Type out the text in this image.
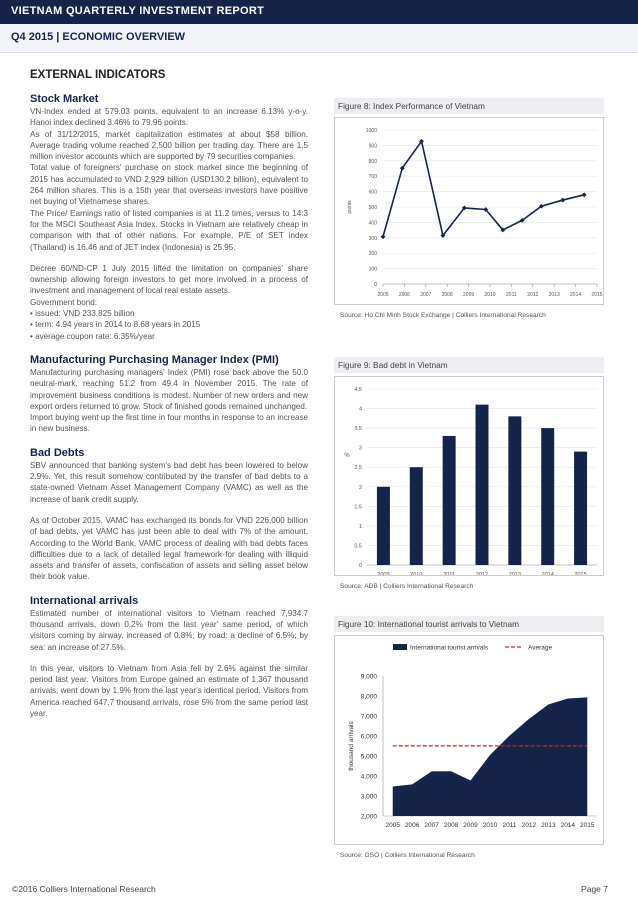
VIETNAM QUARTERLY INVESTMENT REPORT
Q4 2015 | ECONOMIC OVERVIEW
EXTERNAL INDICATORS
Stock Market

VN-Index ended at 579.03 points, equivalent to an increase 6.13% y-o-y. Hanoi index declined 3.46% to 79.96 points.

As of 31/12/2015, market capitalization estimates at about $58 billion. Average trading volume reached 2,500 billion per trading day. There are 1.5 million investor accounts which are supported by 79 securities companies.

Total value of foreigners' purchase on stock market since the beginning of 2015 has accumulated to VND 2,929 billion (USD130.2 billion), equivalent to 264 million shares. This is a 15th year that overseas investors have positive net buying of Vietnamese shares.

The Price/ Earnings ratio of listed companies is at 11.2 times, versus to 14.3 for the MSCI Southeast Asia Index. Stocks in Vietnam are relatively cheap in comparison with that of other nations. For example, P/E of SET index (Thailand) is 16.46 and of JET index (Indonesia) is 25.95.

Decree 60/ND-CP 1 July 2015 lifted the limitation on companies' share ownership allowing foreign investors to get more involved in a process of investment and management of local real estate assets.

Government bond:

• issued: VND 233,825 billion
• term: 4.94 years in 2014 to 8.68 years in 2015
• average coupon rate: 6.35%/year
Manufacturing Purchasing Manager Index (PMI)

Manufacturing purchasing managers' Index (PMI) rose back above the 50.0 neutral-mark, reaching 51.2 from 49.4 in November 2015. The rate of improvement business conditions is modest. Number of new orders and new export orders returned to grow. Stock of finished goods remained unchanged.

Import buying went up the first time in four months in response to an increase in new business.

Bad Debts

SBV announced that banking system's bad debt has been lowered to below 2.9%. Yet, this result somehow contributed by the transfer of bad debts to a state-owned Vietnam Asset Management Company (VAMC) as well as the increase of bank credit supply.

As of October 2015, VAMC has exchanged its bonds for VND 226,000 billion of bad debts, yet VAMC has just been able to deal with 7% of the amount. According to the World Bank, VAMC process of dealing with bad debts faces difficulties due to a lack of detailed legal framework for dealing with illiquid assets and transfer of assets, confiscation of assets and selling asset below their book value.

International arrivals

Estimated number of international visitors to Vietnam reached 7,934.7 thousand arrivals, down 0.2% from the last year' same period, of which visitors coming by airway, increased of 0.8%; by road: a decline of 6.5%; by sea: an increase of 27.5%.

In this year, visitors to Vietnam from Asia fell by 2.6% against the similar period last year. Visitors from Europe gained an estimate of 1,367 thousand arrivals, went down by 1.9% from the last year's identical period. Visitors from America reached 647.7 thousand arrivals, rose 5% from the same period last year.

Figure 8: Index Performance of Vietnam
0
100
200
300
400
500
600
700
800
900
1000
2005 2006 2007 2008 2009 2010 2011 2012 2013 2014 2015
points
Source: Ho Chi Minh Stock Exchange | Colliers International Research
Figure 9: Bad debt in Vietnam
0
0.5
1
1.5
2
2.5
3
3.5
4
4.5
%
2009	2010	2011	2012	2013	2014	2015
Source: ADB | Colliers International Research
Figure 10: International tourist arrivals to Vietnam
2,000
3,000
4,000
5,000
6,000
7,000
8,000
9,000
thousand arrivals
2005 2006 2007 2008 2009 2010 2011 2012 2013 2014 2015
International tourist arrivals	Average
Source: GSO | Colliers International Research
©2016 Colliers International Research	Page 7
